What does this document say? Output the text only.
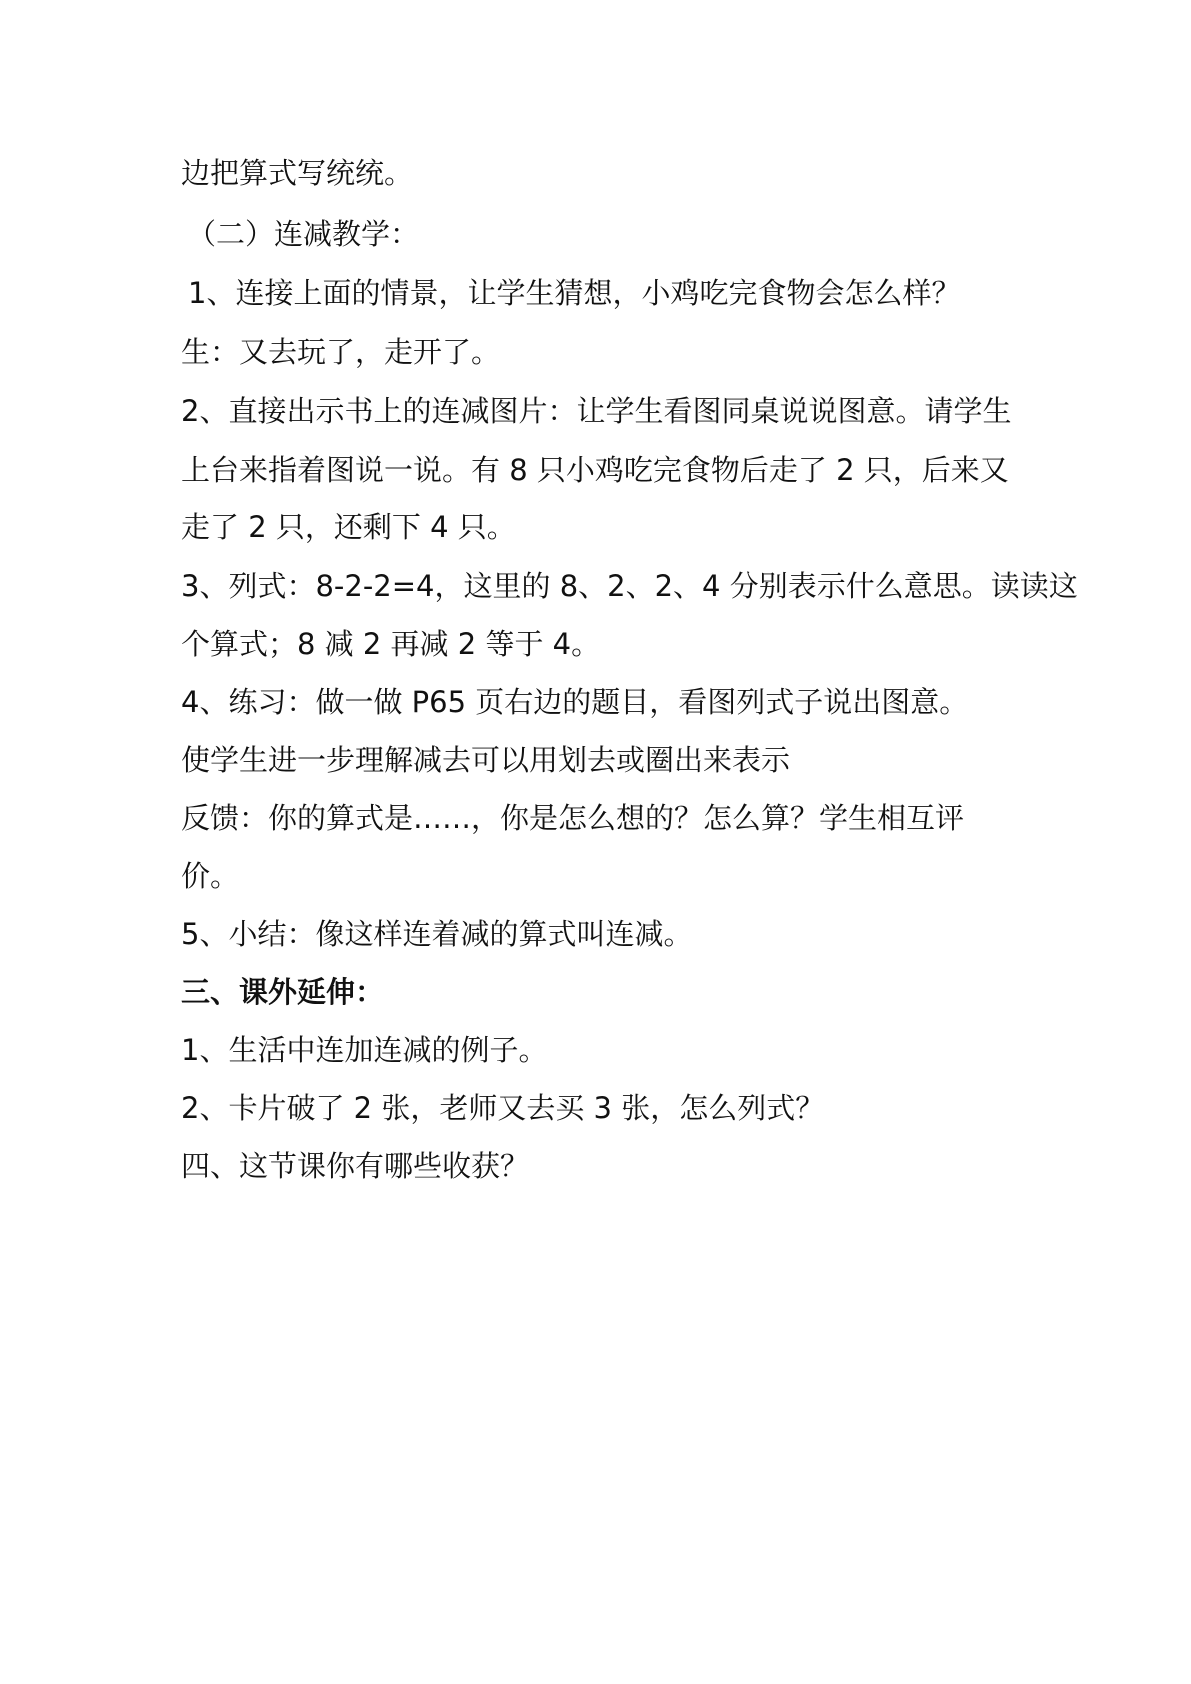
边把算式写统统。
（二）连减教学：
1、连接上面的情景，让学生猜想，小鸡吃完食物会怎么样？
生：又去玩了，走开了。
2、直接出示书上的连减图片：让学生看图同桌说说图意。请学生
上台来指着图说一说。有 8 只小鸡吃完食物后走了 2 只，后来又
走了 2 只，还剩下 4 只。
3、列式：8-2-2=4，这里的 8、2、2、4 分别表示什么意思。读读这
个算式；8 减 2 再减 2 等于 4。
4、练习：做一做 P65 页右边的题目，看图列式子说出图意。
使学生进一步理解减去可以用划去或圈出来表示
反馈：你的算式是……，你是怎么想的？怎么算？学生相互评
价。
5、小结：像这样连着减的算式叫连减。
三、课外延伸：
1、生活中连加连减的例子。
2、卡片破了 2 张，老师又去买 3 张，怎么列式？
四、这节课你有哪些收获？
